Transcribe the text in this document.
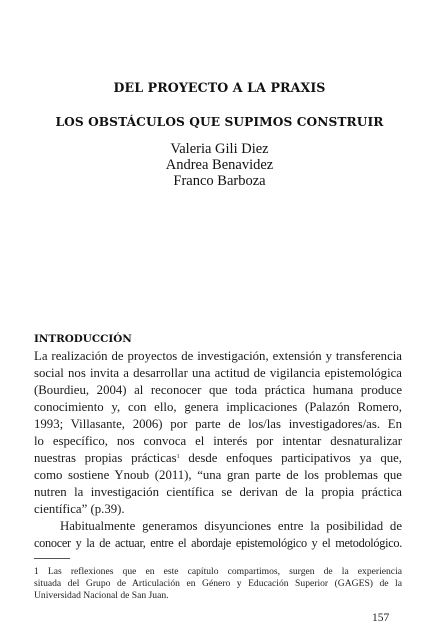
DEL PROYECTO A LA PRAXIS
LOS OBSTÁCULOS QUE SUPIMOS CONSTRUIR
Valeria Gili Diez
Andrea Benavidez
Franco Barboza
INTRODUCCIÓN
La realización de proyectos de investigación, extensión y transferencia
social nos invita a desarrollar una actitud de vigilancia epistemológica
(Bourdieu, 2004) al reconocer que toda práctica humana produce
conocimiento y, con ello, genera implicaciones (Palazón Romero,
1993; Villasante, 2006) por parte de los/las investigadores/as. En
lo específico, nos convoca el interés por intentar desnaturalizar
nuestras propias prácticas$^1$ desde enfoques participativos ya que,
como sostiene Ynoub (2011), “una gran parte de los problemas que
nutren la investigación científica se derivan de la propia práctica
científica” (p.39).
Habitualmente generamos disyunciones entre la posibilidad de
conocer y la de actuar, entre el abordaje epistemológico y el metodológico.
1 Las reflexiones que en este capítulo compartimos, surgen de la experiencia
situada del Grupo de Articulación en Género y Educación Superior (GAGES) de la
Universidad Nacional de San Juan.
157
